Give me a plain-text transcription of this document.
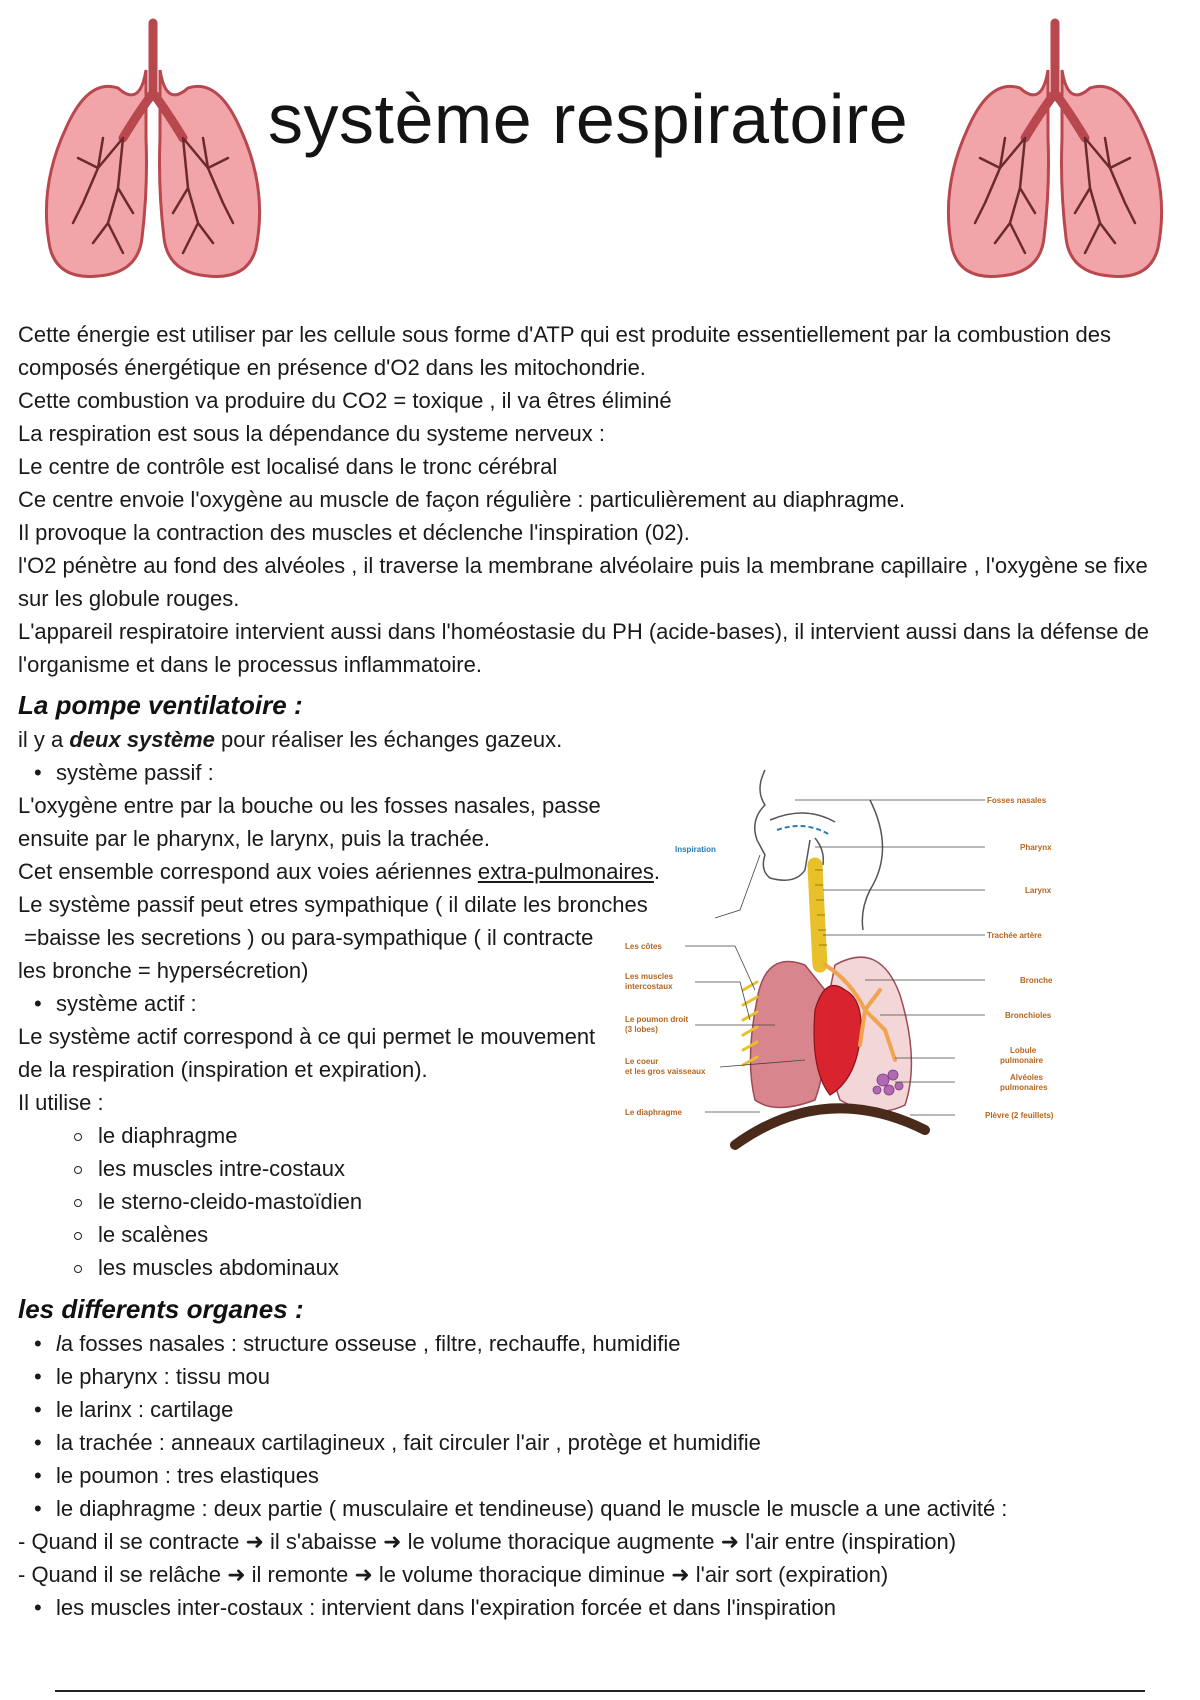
système respiratoire

Cette énergie est utiliser par les cellule sous forme d'ATP qui est produite essentiellement par la combustion des composés énergétique en présence d'O2 dans les mitochondrie.

Cette combustion va produire du CO2 = toxique , il va êtres éliminé

La respiration est sous la dépendance du systeme nerveux :

Le centre de contrôle est localisé dans le tronc cérébral

Ce centre envoie l'oxygène au muscle de façon régulière : particulièrement au diaphragme.

Il provoque la contraction des muscles et déclenche l'inspiration (02).

l'O2 pénètre au fond des alvéoles , il traverse la membrane alvéolaire puis la membrane capillaire , l'oxygène se fixe sur les globule rouges.

L'appareil respiratoire intervient aussi dans l'homéostasie du PH (acide-bases), il intervient aussi dans la défense de l'organisme et dans le processus inflammatoire.

La pompe ventilatoire :

il y a deux système pour réaliser les échanges gazeux.

• système passif :

L'oxygène entre par la bouche ou les fosses nasales, passe

ensuite par le pharynx, le larynx, puis la trachée.

Cet ensemble correspond aux voies aériennes extra-pulmonaires.

Le système passif peut etres sympathique ( il dilate les bronches

=baisse les secretions ) ou para-sympathique ( il contracte

les bronche = hypersécretion)

• système actif :

Le système actif correspond à ce qui permet le mouvement

de la respiration (inspiration et expiration).

Il utilise :

le diaphragme
les muscles intre-costaux
le sterno-cleido-mastoïdien
le scalènes
les muscles abdominaux
Inspiration
Les côtes
Les muscles
intercostaux
Le poumon droit
(3 lobes)
Le coeur
et les gros vaisseaux
Le diaphragme
Fosses nasales
Pharynx
Larynx
Trachée artère
Bronche
Bronchioles
Lobule
pulmonaire
Alvéoles
pulmonaires
Plèvre (2 feuillets)
les differents organes :

• la fosses nasales : structure osseuse , filtre, rechauffe, humidifie

• le pharynx : tissu mou

• le larinx : cartilage

• la trachée : anneaux cartilagineux , fait circuler l'air , protège et humidifie

• le poumon : tres elastiques

• le diaphragme : deux partie ( musculaire et tendineuse) quand le muscle le muscle a une activité :

- Quand il se contracte ➜ il s'abaisse ➜ le volume thoracique augmente ➜ l'air entre (inspiration)

- Quand il se relâche ➜ il remonte ➜ le volume thoracique diminue ➜ l'air sort (expiration)

• les muscles inter-costaux : intervient dans l'expiration forcée et dans l'inspiration
